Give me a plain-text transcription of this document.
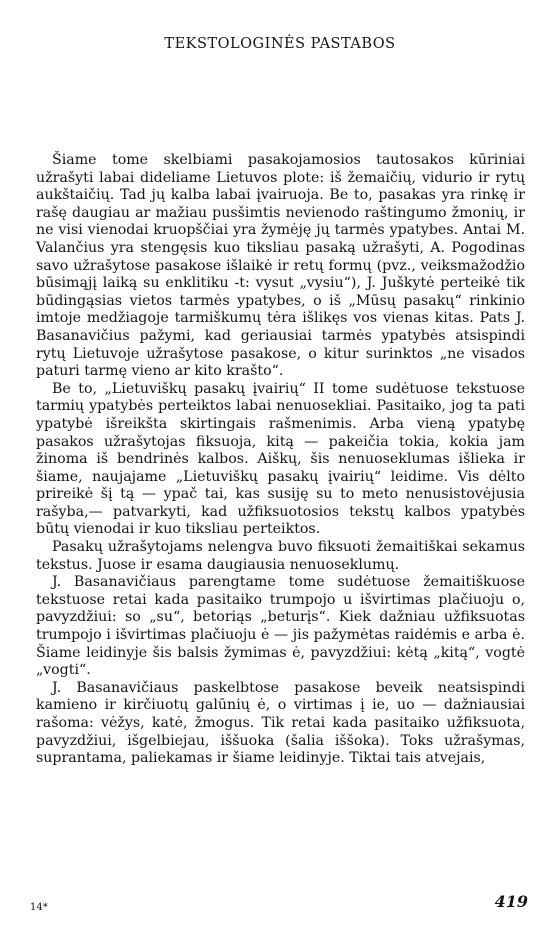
TEKSTOLOGINĖS PASTABOS

Šiame tome skelbiami pasakojamosios tautosakos kūriniai užrašyti labai dideliame Lietuvos plote: iš žemaičių, vidurio ir rytų aukštaičių. Tad jų kalba labai įvairuoja. Be to, pasakas yra rinkę ir rašę daugiau ar mažiau pusšimtis nevienodo raštingumo žmonių, ir ne visi vienodai kruopščiai yra žymėję jų tarmės ypatybes. Antai M. Valančius yra stengęsis kuo tiksliau pasaką užrašyti, A. Pogodinas savo užrašytose pasakose išlaikė ir retų formų (pvz., veiksmažodžio būsimąjį laiką su enklitiku -t: vysut „vysiu“), J. Juškytė perteikė tik būdingąsias vietos tarmės ypatybes, o iš „Mūsų pasakų“ rinkinio imtoje medžiagoje tarmiškumų tėra išlikęs vos vienas kitas. Pats J. Basanavičius pažymi, kad geriausiai tarmės ypatybės atsispindi rytų Lietuvoje užrašytose pasakose, o kitur surinktos „ne visados paturi tarmę vieno ar kito krašto“.

Be to, „Lietuviškų pasakų įvairių“ II tome sudėtuose tekstuose tarmių ypatybės perteiktos labai nenuosekliai. Pasitaiko, jog ta pati ypatybė išreikšta skirtingais rašmenimis. Arba vieną ypatybę pasakos užrašytojas fiksuoja, kitą — pakeičia tokia, kokia jam žinoma iš bendrinės kalbos. Aiškų, šis nenuoseklumas išlieka ir šiame, naujajame „Lietuviškų pasakų įvairių“ leidime. Vis dėlto prireikė šį tą — ypač tai, kas susiję su to meto nenusistovėjusia rašyba,— patvarkyti, kad užfiksuotosios tekstų kalbos ypatybės būtų vienodai ir kuo tiksliau perteiktos.

Pasakų užrašytojams nelengva buvo fiksuoti žemaitiškai sekamus tekstus. Juose ir esama daugiausia nenuoseklumų.

J. Basanavičiaus parengtame tome sudėtuose žemaitiškuose tekstuose retai kada pasitaiko trumpojo u išvirtimas plačiuoju o, pavyzdžiui: so „su“, betoriąs „beturįs“. Kiek dažniau užfiksuotas trumpojo i išvirtimas plačiuoju ė — jis pažymėtas raidėmis e arba ė. Šiame leidinyje šis balsis žymimas ė, pavyzdžiui: kėtą „kitą“, vogtė „vogti“.

J. Basanavičiaus paskelbtose pasakose beveik neatsispindi kamieno ir kirčiuotų galūnių ė, o virtimas į ie, uo — dažniausiai rašoma: vėžys, katė, žmogus. Tik retai kada pasitaiko užfiksuota, pavyzdžiui, išgelbiejau, iššuoka (šalia iššoka). Toks užrašymas, suprantama, paliekamas ir šiame leidinyje. Tiktai tais atvejais,

14*	419
